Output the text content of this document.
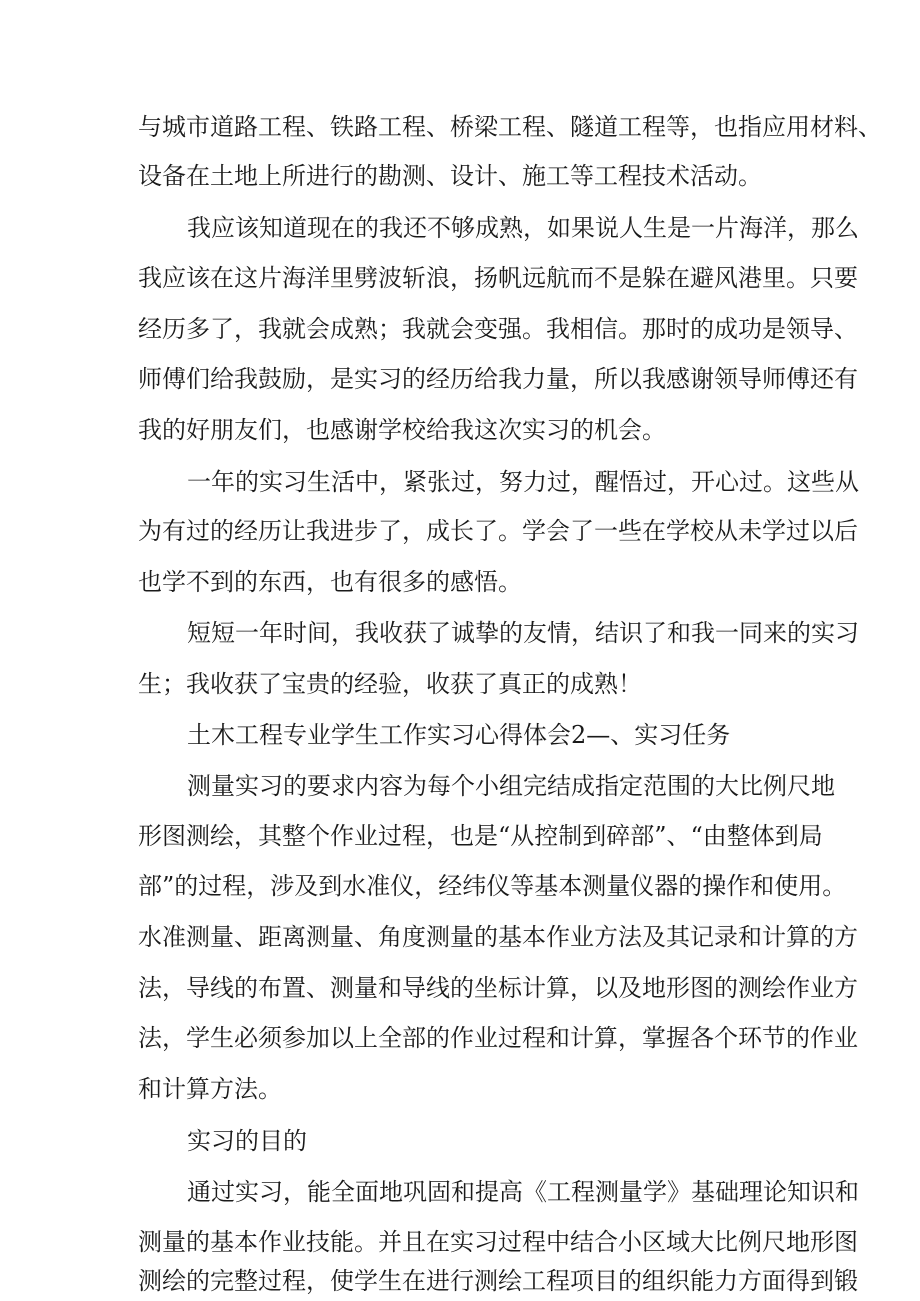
与城市道路工程、铁路工程、桥梁工程、隧道工程等，也指应用材料、
设备在土地上所进行的勘测、设计、施工等工程技术活动。
我应该知道现在的我还不够成熟，如果说人生是一片海洋，那么
我应该在这片海洋里劈波斩浪，扬帆远航而不是躲在避风港里。只要
经历多了，我就会成熟；我就会变强。我相信。那时的成功是领导、
师傅们给我鼓励，是实习的经历给我力量，所以我感谢领导师傅还有
我的好朋友们，也感谢学校给我这次实习的机会。
一年的实习生活中，紧张过，努力过，醒悟过，开心过。这些从
为有过的经历让我进步了，成长了。学会了一些在学校从未学过以后
也学不到的东西，也有很多的感悟。
短短一年时间，我收获了诚挚的友情，结识了和我一同来的实习
生；我收获了宝贵的经验，收获了真正的成熟！
土木工程专业学生工作实习心得体会2—、实习任务
测量实习的要求内容为每个小组完结成指定范围的大比例尺地
形图测绘，其整个作业过程，也是“从控制到碎部”、“由整体到局
部”的过程，涉及到水准仪，经纬仪等基本测量仪器的操作和使用。
水准测量、距离测量、角度测量的基本作业方法及其记录和计算的方
法，导线的布置、测量和导线的坐标计算，以及地形图的测绘作业方
法，学生必须参加以上全部的作业过程和计算，掌握各个环节的作业
和计算方法。
实习的目的
通过实习，能全面地巩固和提高《工程测量学》基础理论知识和
测量的基本作业技能。并且在实习过程中结合小区域大比例尺地形图
测绘的完整过程，使学生在进行测绘工程项目的组织能力方面得到锻
